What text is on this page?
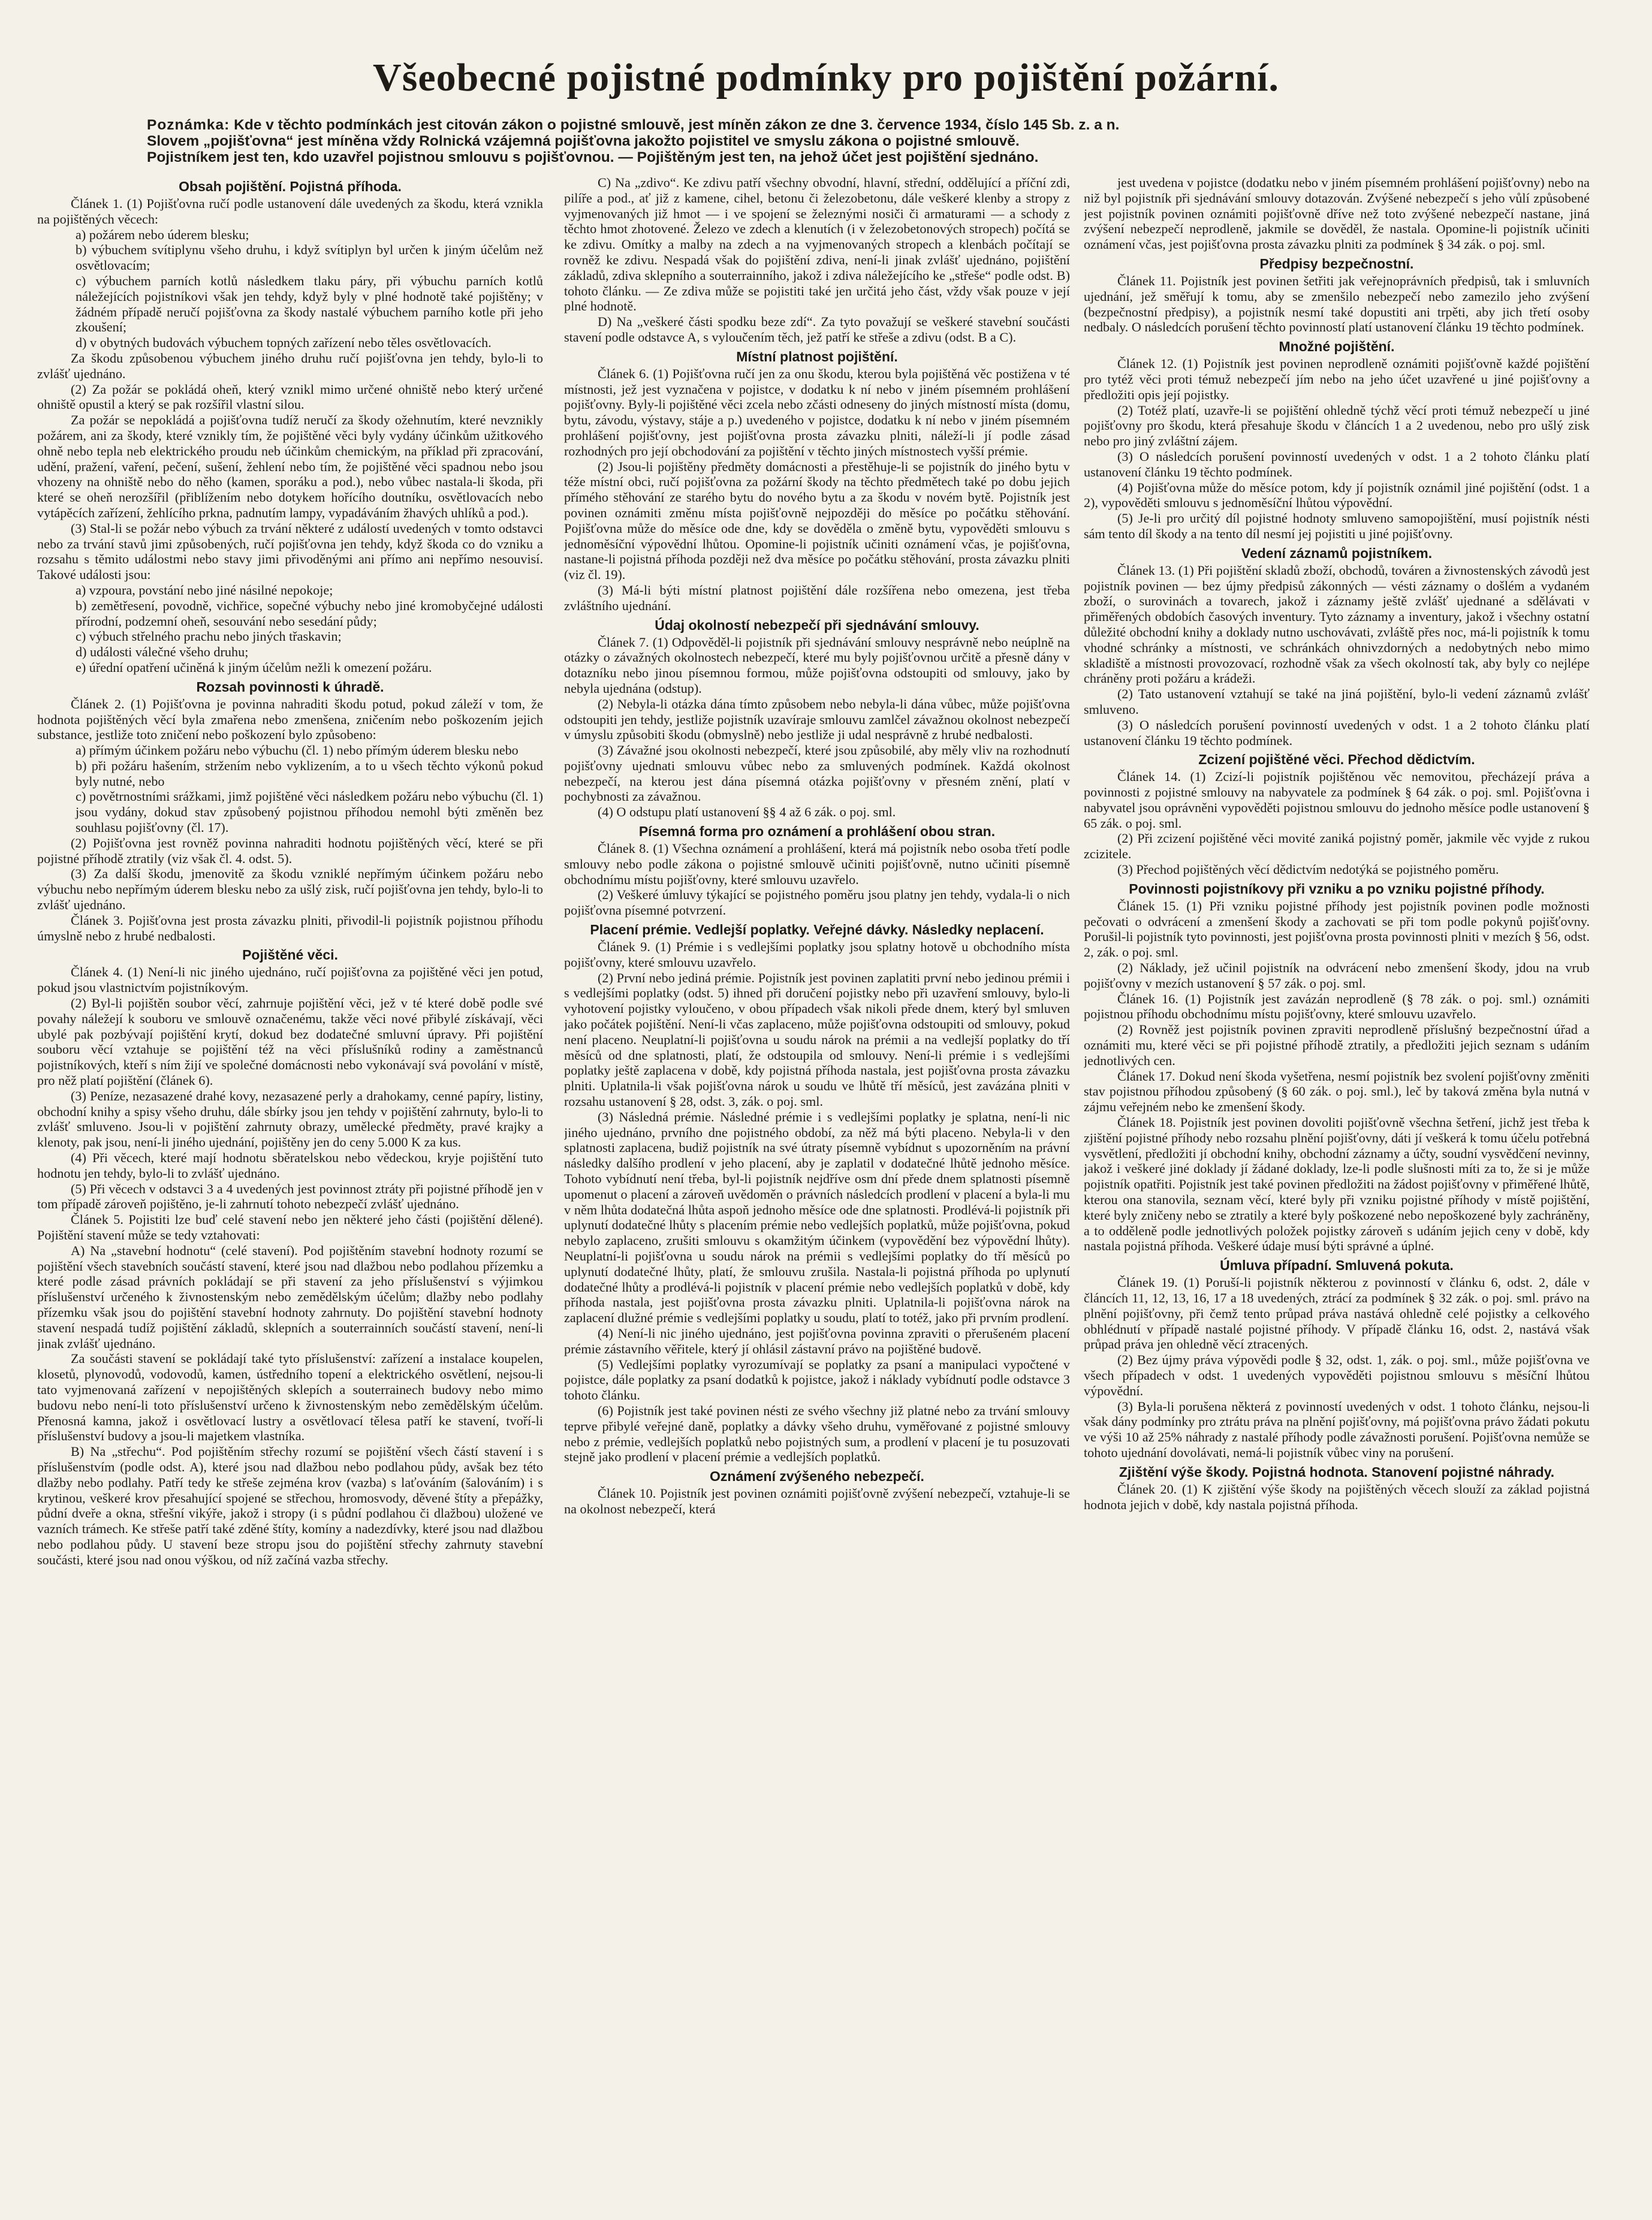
Všeobecné pojistné podmínky pro pojištění požární.

Poznámka: Kde v těchto podmínkách jest citován zákon o pojistné smlouvě, jest míněn zákon ze dne 3. července 1934, číslo 145 Sb. z. a n.

Slovem „pojišťovna“ jest míněna vždy Rolnická vzájemná pojišťovna jakožto pojistitel ve smyslu zákona o pojistné smlouvě.

Pojistníkem jest ten, kdo uzavřel pojistnou smlouvu s pojišťovnou. — Pojištěným jest ten, na jehož účet jest pojištění sjednáno.

Obsah pojištění. Pojistná příhoda.

Článek 1. (1) Pojišťovna ručí podle ustanovení dále uvedených za škodu, která vznikla na pojištěných věcech:

a) požárem nebo úderem blesku;

b) výbuchem svítiplynu všeho druhu, i když svítiplyn byl určen k jiným účelům než osvětlovacím;

c) výbuchem parních kotlů následkem tlaku páry, při výbuchu parních kotlů náležejících pojistníkovi však jen tehdy, když byly v plné hodnotě také pojištěny; v žádném případě neručí pojišťovna za škody nastalé výbuchem parního kotle při jeho zkoušení;

d) v obytných budovách výbuchem topných zařízení nebo těles osvětlovacích.

Za škodu způsobenou výbuchem jiného druhu ručí pojišťovna jen tehdy, bylo-li to zvlášť ujednáno.

(2) Za požár se pokládá oheň, který vznikl mimo určené ohniště nebo který určené ohniště opustil a který se pak rozšířil vlastní silou.

Za požár se nepokládá a pojišťovna tudíž neručí za škody ožehnutím, které nevznikly požárem, ani za škody, které vznikly tím, že pojištěné věci byly vydány účinkům užitkového ohně nebo tepla neb elektrického proudu neb účinkům chemickým, na příklad při zpracování, udění, pražení, vaření, pečení, sušení, žehlení nebo tím, že pojištěné věci spadnou nebo jsou vhozeny na ohniště nebo do něho (kamen, sporáku a pod.), nebo vůbec nastala-li škoda, při které se oheň nerozšířil (přiblížením nebo dotykem hořícího doutníku, osvětlovacích nebo vytápěcích zařízení, žehlícího prkna, padnutím lampy, vypadáváním žhavých uhlíků a pod.).

(3) Stal-li se požár nebo výbuch za trvání některé z událostí uvedených v tomto odstavci nebo za trvání stavů jimi způsobených, ručí pojišťovna jen tehdy, když škoda co do vzniku a rozsahu s těmito událostmi nebo stavy jimi přivoděnými ani přímo ani nepřímo nesouvisí. Takové události jsou:

a) vzpoura, povstání nebo jiné násilné nepokoje;

b) zemětřesení, povodně, vichřice, sopečné výbuchy nebo jiné kromobyčejné události přírodní, podzemní oheň, sesouvání nebo sesedání půdy;

c) výbuch střelného prachu nebo jiných třaskavin;

d) události válečné všeho druhu;

e) úřední opatření učiněná k jiným účelům nežli k omezení požáru.

Rozsah povinnosti k úhradě.

Článek 2. (1) Pojišťovna je povinna nahraditi škodu potud, pokud záleží v tom, že hodnota pojištěných věcí byla zmařena nebo zmenšena, zničením nebo poškozením jejich substance, jestliže toto zničení nebo poškození bylo způsobeno:

a) přímým účinkem požáru nebo výbuchu (čl. 1) nebo přímým úderem blesku nebo

b) při požáru hašením, stržením nebo vyklizením, a to u všech těchto výkonů pokud byly nutné, nebo

c) povětrnostními srážkami, jimž pojištěné věci následkem požáru nebo výbuchu (čl. 1) jsou vydány, dokud stav způsobený pojistnou příhodou nemohl býti změněn bez souhlasu pojišťovny (čl. 17).

(2) Pojišťovna jest rovněž povinna nahraditi hodnotu pojištěných věcí, které se při pojistné příhodě ztratily (viz však čl. 4. odst. 5).

(3) Za další škodu, jmenovitě za škodu vzniklé nepřímým účinkem požáru nebo výbuchu nebo nepřímým úderem blesku nebo za ušlý zisk, ručí pojišťovna jen tehdy, bylo-li to zvlášť ujednáno.

Článek 3. Pojišťovna jest prosta závazku plniti, přivodil-li pojistník pojistnou příhodu úmyslně nebo z hrubé nedbalosti.

Pojištěné věci.

Článek 4. (1) Není-li nic jiného ujednáno, ručí pojišťovna za pojištěné věci jen potud, pokud jsou vlastnictvím pojistníkovým.

(2) Byl-li pojištěn soubor věcí, zahrnuje pojištění věci, jež v té které době podle své povahy náležejí k souboru ve smlouvě označenému, takže věci nové přibylé získávají, věci ubylé pak pozbývají pojištění krytí, dokud bez dodatečné smluvní úpravy. Při pojištění souboru věcí vztahuje se pojištění též na věci příslušníků rodiny a zaměstnanců pojistníkových, kteří s ním žijí ve společné domácnosti nebo vykonávají svá povolání v místě, pro něž platí pojištění (článek 6).

(3) Peníze, nezasazené drahé kovy, nezasazené perly a drahokamy, cenné papíry, listiny, obchodní knihy a spisy všeho druhu, dále sbírky jsou jen tehdy v pojištění zahrnuty, bylo-li to zvlášť smluveno. Jsou-li v pojištění zahrnuty obrazy, umělecké předměty, pravé krajky a klenoty, pak jsou, není-li jiného ujednání, pojištěny jen do ceny 5.000 K za kus.

(4) Při věcech, které mají hodnotu sběratelskou nebo vědeckou, kryje pojištění tuto hodnotu jen tehdy, bylo-li to zvlášť ujednáno.

(5) Při věcech v odstavci 3 a 4 uvedených jest povinnost ztráty při pojistné příhodě jen v tom případě zároveň pojištěno, je-li zahrnutí tohoto nebezpečí zvlášť ujednáno.

Článek 5. Pojistiti lze buď celé stavení nebo jen některé jeho části (pojištění dělené). Pojištění stavení může se tedy vztahovati:

A) Na „stavební hodnotu“ (celé stavení). Pod pojištěním stavební hodnoty rozumí se pojištění všech stavebních součástí stavení, které jsou nad dlažbou nebo podlahou přízemku a které podle zásad právních pokládají se při stavení za jeho příslušenství s výjimkou příslušenství určeného k živnostenským nebo zemědělským účelům; dlažby nebo podlahy přízemku však jsou do pojištění stavební hodnoty zahrnuty. Do pojištění stavební hodnoty stavení nespadá tudíž pojištění základů, sklepních a souterrainních součástí stavení, není-li jinak zvlášť ujednáno.

Za součásti stavení se pokládají také tyto příslušenství: zařízení a instalace koupelen, klosetů, plynovodů, vodovodů, kamen, ústředního topení a elektrického osvětlení, nejsou-li tato vyjmenovaná zařízení v nepojištěných sklepích a souterrainech budovy nebo mimo budovu nebo není-li toto příslušenství určeno k živnostenským nebo zemědělským účelům. Přenosná kamna, jakož i osvětlovací lustry a osvětlovací tělesa patří ke stavení, tvoří-li příslušenství budovy a jsou-li majetkem vlastníka.

B) Na „střechu“. Pod pojištěním střechy rozumí se pojištění všech částí stavení i s příslušenstvím (podle odst. A), které jsou nad dlažbou nebo podlahou půdy, avšak bez této dlažby nebo podlahy. Patří tedy ke střeše zejména krov (vazba) s laťováním (šalováním) i s krytinou, veškeré krov přesahující spojené se střechou, hromosvody, děvené štíty a přepážky, půdní dveře a okna, střešní vikýře, jakož i stropy (i s půdní podlahou či dlažbou) uložené ve vazních trámech. Ke střeše patří také zděné štíty, komíny a nadezdívky, které jsou nad dlažbou nebo podlahou půdy. U stavení beze stropu jsou do pojištění střechy zahrnuty stavební součásti, které jsou nad onou výškou, od níž začíná vazba střechy.

C) Na „zdivo“. Ke zdivu patří všechny obvodní, hlavní, střední, oddělující a příční zdi, pilíře a pod., ať již z kamene, cihel, betonu či železobetonu, dále veškeré klenby a stropy z vyjmenovaných již hmot — i ve spojení se železnými nosiči či armaturami — a schody z těchto hmot zhotovené. Železo ve zdech a klenutích (i v železobetonových stropech) počítá se ke zdivu. Omítky a malby na zdech a na vyjmenovaných stropech a klenbách počítají se rovněž ke zdivu. Nespadá však do pojištění zdiva, není-li jinak zvlášť ujednáno, pojištění základů, zdiva sklepního a souterrainního, jakož i zdiva náležejícího ke „střeše“ podle odst. B) tohoto článku. — Ze zdiva může se pojistiti také jen určitá jeho část, vždy však pouze v její plné hodnotě.

D) Na „veškeré části spodku beze zdí“. Za tyto považují se veškeré stavební součásti stavení podle odstavce A, s vyloučením těch, jež patří ke střeše a zdivu (odst. B a C).

Místní platnost pojištění.

Článek 6. (1) Pojišťovna ručí jen za onu škodu, kterou byla pojištěná věc postižena v té místnosti, jež jest vyznačena v pojistce, v dodatku k ní nebo v jiném písemném prohlášení pojišťovny. Byly-li pojištěné věci zcela nebo zčásti odneseny do jiných místností místa (domu, bytu, závodu, výstavy, stáje a p.) uvedeného v pojistce, dodatku k ní nebo v jiném písemném prohlášení pojišťovny, jest pojišťovna prosta závazku plniti, náleží-li jí podle zásad rozhodných pro její obchodování za pojištění v těchto jiných místnostech vyšší prémie.

(2) Jsou-li pojištěny předměty domácnosti a přestěhuje-li se pojistník do jiného bytu v téže místní obci, ručí pojišťovna za požární škody na těchto předmětech také po dobu jejich přímého stěhování ze starého bytu do nového bytu a za škodu v novém bytě. Pojistník jest povinen oznámiti změnu místa pojišťovně nejpozději do měsíce po počátku stěhování. Pojišťovna může do měsíce ode dne, kdy se dověděla o změně bytu, vypověděti smlouvu s jednoměsíční výpovědní lhůtou. Opomine-li pojistník učiniti oznámení včas, je pojišťovna, nastane-li pojistná příhoda později než dva měsíce po počátku stěhování, prosta závazku plniti (viz čl. 19).

(3) Má-li býti místní platnost pojištění dále rozšířena nebo omezena, jest třeba zvláštního ujednání.

Údaj okolností nebezpečí při sjednávání smlouvy.

Článek 7. (1) Odpověděl-li pojistník při sjednávání smlouvy nesprávně nebo neúplně na otázky o závažných okolnostech nebezpečí, které mu byly pojišťovnou určitě a přesně dány v dotazníku nebo jinou písemnou formou, může pojišťovna odstoupiti od smlouvy, jako by nebyla ujednána (odstup).

(2) Nebyla-li otázka dána tímto způsobem nebo nebyla-li dána vůbec, může pojišťovna odstoupiti jen tehdy, jestliže pojistník uzavíraje smlouvu zamlčel závažnou okolnost nebezpečí v úmyslu způsobiti škodu (obmyslně) nebo jestliže ji udal nesprávně z hrubé nedbalosti.

(3) Závažné jsou okolnosti nebezpečí, které jsou způsobilé, aby měly vliv na rozhodnutí pojišťovny ujednati smlouvu vůbec nebo za smluvených podmínek. Každá okolnost nebezpečí, na kterou jest dána písemná otázka pojišťovny v přesném znění, platí v pochybnosti za závažnou.

(4) O odstupu platí ustanovení §§ 4 až 6 zák. o poj. sml.

Písemná forma pro oznámení a prohlášení obou stran.

Článek 8. (1) Všechna oznámení a prohlášení, která má pojistník nebo osoba třetí podle smlouvy nebo podle zákona o pojistné smlouvě učiniti pojišťovně, nutno učiniti písemně obchodnímu místu pojišťovny, které smlouvu uzavřelo.

(2) Veškeré úmluvy týkající se pojistného poměru jsou platny jen tehdy, vydala-li o nich pojišťovna písemné potvrzení.

Placení prémie. Vedlejší poplatky. Veřejné dávky. Následky neplacení.

Článek 9. (1) Prémie i s vedlejšími poplatky jsou splatny hotově u obchodního místa pojišťovny, které smlouvu uzavřelo.

(2) První nebo jediná prémie. Pojistník jest povinen zaplatiti první nebo jedinou prémii i s vedlejšími poplatky (odst. 5) ihned při doručení pojistky nebo při uzavření smlouvy, bylo-li vyhotovení pojistky vyloučeno, v obou případech však nikoli přede dnem, který byl smluven jako počátek pojištění. Není-li včas zaplaceno, může pojišťovna odstoupiti od smlouvy, pokud není placeno. Neuplatní-li pojišťovna u soudu nárok na prémii a na vedlejší poplatky do tří měsíců od dne splatnosti, platí, že odstoupila od smlouvy. Není-li prémie i s vedlejšími poplatky ještě zaplacena v době, kdy pojistná příhoda nastala, jest pojišťovna prosta závazku plniti. Uplatnila-li však pojišťovna nárok u soudu ve lhůtě tří měsíců, jest zavázána plniti v rozsahu ustanovení § 28, odst. 3, zák. o poj. sml.

(3) Následná prémie. Následné prémie i s vedlejšími poplatky je splatna, není-li nic jiného ujednáno, prvního dne pojistného období, za něž má býti placeno. Nebyla-li v den splatnosti zaplacena, budiž pojistník na své útraty písemně vybídnut s upozorněním na právní následky dalšího prodlení v jeho placení, aby je zaplatil v dodatečné lhůtě jednoho měsíce. Tohoto vybídnutí není třeba, byl-li pojistník nejdříve osm dní přede dnem splatnosti písemně upomenut o placení a zároveň uvědoměn o právních následcích prodlení v placení a byla-li mu v něm lhůta dodatečná lhůta aspoň jednoho měsíce ode dne splatnosti. Prodlévá-li pojistník při uplynutí dodatečné lhůty s placením prémie nebo vedlejších poplatků, může pojišťovna, pokud nebylo zaplaceno, zrušiti smlouvu s okamžitým účinkem (vypovědění bez výpovědní lhůty). Neuplatní-li pojišťovna u soudu nárok na prémii s vedlejšími poplatky do tří měsíců po uplynutí dodatečné lhůty, platí, že smlouvu zrušila. Nastala-li pojistná příhoda po uplynutí dodatečné lhůty a prodlévá-li pojistník v placení prémie nebo vedlejších poplatků v době, kdy příhoda nastala, jest pojišťovna prosta závazku plniti. Uplatnila-li pojišťovna nárok na zaplacení dlužné prémie s vedlejšími poplatky u soudu, platí to totéž, jako při prvním prodlení.

(4) Není-li nic jiného ujednáno, jest pojišťovna povinna zpraviti o přerušeném placení prémie zástavního věřitele, který jí ohlásil zástavní právo na pojištěné budově.

(5) Vedlejšími poplatky vyrozumívají se poplatky za psaní a manipulaci vypočtené v pojistce, dále poplatky za psaní dodatků k pojistce, jakož i náklady vybídnutí podle odstavce 3 tohoto článku.

(6) Pojistník jest také povinen nésti ze svého všechny již platné nebo za trvání smlouvy teprve přibylé veřejné daně, poplatky a dávky všeho druhu, vyměřované z pojistné smlouvy nebo z prémie, vedlejších poplatků nebo pojistných sum, a prodlení v placení je tu posuzovati stejně jako prodlení v placení prémie a vedlejších poplatků.

Oznámení zvýšeného nebezpečí.

Článek 10. Pojistník jest povinen oznámiti pojišťovně zvýšení nebezpečí, vztahuje-li se na okolnost nebezpečí, která

jest uvedena v pojistce (dodatku nebo v jiném písemném prohlášení pojišťovny) nebo na niž byl pojistník při sjednávání smlouvy dotazován. Zvýšené nebezpečí s jeho vůlí způsobené jest pojistník povinen oznámiti pojišťovně dříve než toto zvýšené nebezpečí nastane, jiná zvýšení nebezpečí neprodleně, jakmile se dověděl, že nastala. Opomine-li pojistník učiniti oznámení včas, jest pojišťovna prosta závazku plniti za podmínek § 34 zák. o poj. sml.

Předpisy bezpečnostní.

Článek 11. Pojistník jest povinen šetřiti jak veřejnoprávních předpisů, tak i smluvních ujednání, jež směřují k tomu, aby se zmenšilo nebezpečí nebo zamezilo jeho zvýšení (bezpečnostní předpisy), a pojistník nesmí také dopustiti ani trpěti, aby jich třetí osoby nedbaly. O následcích porušení těchto povinností platí ustanovení článku 19 těchto podmínek.

Množné pojištění.

Článek 12. (1) Pojistník jest povinen neprodleně oznámiti pojišťovně každé pojištění pro tytéž věci proti témuž nebezpečí jím nebo na jeho účet uzavřené u jiné pojišťovny a předložiti opis její pojistky.

(2) Totéž platí, uzavře-li se pojištění ohledně týchž věcí proti témuž nebezpečí u jiné pojišťovny pro škodu, která přesahuje škodu v článcích 1 a 2 uvedenou, nebo pro ušlý zisk nebo pro jiný zvláštní zájem.

(3) O následcích porušení povinností uvedených v odst. 1 a 2 tohoto článku platí ustanovení článku 19 těchto podmínek.

(4) Pojišťovna může do měsíce potom, kdy jí pojistník oznámil jiné pojištění (odst. 1 a 2), vypověděti smlouvu s jednoměsíční lhůtou výpovědní.

(5) Je-li pro určitý díl pojistné hodnoty smluveno samopojištění, musí pojistník nésti sám tento díl škody a na tento díl nesmí jej pojistiti u jiné pojišťovny.

Vedení záznamů pojistníkem.

Článek 13. (1) Při pojištění skladů zboží, obchodů, továren a živnostenských závodů jest pojistník povinen — bez újmy předpisů zákonných — vésti záznamy o došlém a vydaném zboží, o surovinách a tovarech, jakož i záznamy ještě zvlášť ujednané a sdělávati v přiměřených obdobích časových inventury. Tyto záznamy a inventury, jakož i všechny ostatní důležité obchodní knihy a doklady nutno uschovávati, zvláště přes noc, má-li pojistník k tomu vhodné schránky a místnosti, ve schránkách ohnivzdorných a nedobytných nebo mimo skladiště a místnosti provozovací, rozhodně však za všech okolností tak, aby byly co nejlépe chráněny proti požáru a krádeži.

(2) Tato ustanovení vztahují se také na jiná pojištění, bylo-li vedení záznamů zvlášť smluveno.

(3) O následcích porušení povinností uvedených v odst. 1 a 2 tohoto článku platí ustanovení článku 19 těchto podmínek.

Zcizení pojištěné věci. Přechod dědictvím.

Článek 14. (1) Zcizí-li pojistník pojištěnou věc nemovitou, přecházejí práva a povinnosti z pojistné smlouvy na nabyvatele za podmínek § 64 zák. o poj. sml. Pojišťovna i nabyvatel jsou oprávněni vypověděti pojistnou smlouvu do jednoho měsíce podle ustanovení § 65 zák. o poj. sml.

(2) Při zcizení pojištěné věci movité zaniká pojistný poměr, jakmile věc vyjde z rukou zcizitele.

(3) Přechod pojištěných věcí dědictvím nedotýká se pojistného poměru.

Povinnosti pojistníkovy při vzniku a po vzniku pojistné příhody.

Článek 15. (1) Při vzniku pojistné příhody jest pojistník povinen podle možnosti pečovati o odvrácení a zmenšení škody a zachovati se při tom podle pokynů pojišťovny. Porušil-li pojistník tyto povinnosti, jest pojišťovna prosta povinnosti plniti v mezích § 56, odst. 2, zák. o poj. sml.

(2) Náklady, jež učinil pojistník na odvrácení nebo zmenšení škody, jdou na vrub pojišťovny v mezích ustanovení § 57 zák. o poj. sml.

Článek 16. (1) Pojistník jest zavázán neprodleně (§ 78 zák. o poj. sml.) oznámiti pojistnou příhodu obchodnímu místu pojišťovny, které smlouvu uzavřelo.

(2) Rovněž jest pojistník povinen zpraviti neprodleně příslušný bezpečnostní úřad a oznámiti mu, které věci se při pojistné příhodě ztratily, a předložiti jejich seznam s udáním jednotlivých cen.

Článek 17. Dokud není škoda vyšetřena, nesmí pojistník bez svolení pojišťovny změniti stav pojistnou příhodou způsobený (§ 60 zák. o poj. sml.), leč by taková změna byla nutná v zájmu veřejném nebo ke zmenšení škody.

Článek 18. Pojistník jest povinen dovoliti pojišťovně všechna šetření, jichž jest třeba k zjištění pojistné příhody nebo rozsahu plnění pojišťovny, dáti jí veškerá k tomu účelu potřebná vysvětlení, předložiti jí obchodní knihy, obchodní záznamy a účty, soudní vysvědčení nevinny, jakož i veškeré jiné doklady jí žádané doklady, lze-li podle slušnosti míti za to, že si je může pojistník opatřiti. Pojistník jest také povinen předložiti na žádost pojišťovny v přiměřené lhůtě, kterou ona stanovila, seznam věcí, které byly při vzniku pojistné příhody v místě pojištění, které byly zničeny nebo se ztratily a které byly poškozené nebo nepoškozené byly zachráněny, a to odděleně podle jednotlivých položek pojistky zároveň s udáním jejich ceny v době, kdy nastala pojistná příhoda. Veškeré údaje musí býti správné a úplné.

Úmluva případní. Smluvená pokuta.

Článek 19. (1) Poruší-li pojistník některou z povinností v článku 6, odst. 2, dále v článcích 11, 12, 13, 16, 17 a 18 uvedených, ztrácí za podmínek § 32 zák. o poj. sml. právo na plnění pojišťovny, při čemž tento průpad práva nastává ohledně celé pojistky a celkového obhlédnutí v případě nastalé pojistné příhody. V případě článku 16, odst. 2, nastává však průpad práva jen ohledně věcí ztracených.

(2) Bez újmy práva výpovědi podle § 32, odst. 1, zák. o poj. sml., může pojišťovna ve všech případech v odst. 1 uvedených vypověděti pojistnou smlouvu s měsíční lhůtou výpovědní.

(3) Byla-li porušena některá z povinností uvedených v odst. 1 tohoto článku, nejsou-li však dány podmínky pro ztrátu práva na plnění pojišťovny, má pojišťovna právo žádati pokutu ve výši 10 až 25% náhrady z nastalé příhody podle závažnosti porušení. Pojišťovna nemůže se tohoto ujednání dovolávati, nemá-li pojistník vůbec viny na porušení.

Zjištění výše škody. Pojistná hodnota. Stanovení pojistné náhrady.

Článek 20. (1) K zjištění výše škody na pojištěných věcech slouží za základ pojistná hodnota jejich v době, kdy nastala pojistná příhoda.
